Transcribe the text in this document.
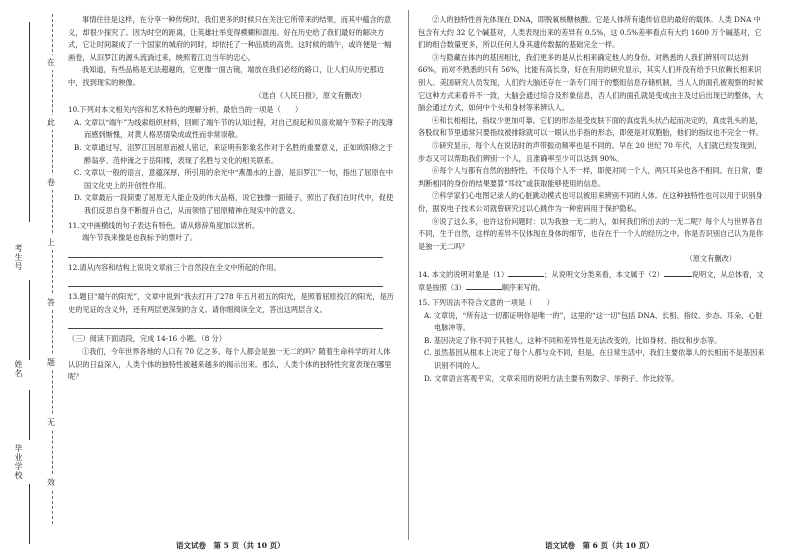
考生号
姓名
毕业学校
在
此
卷
上
答
题
无
效

事情往往是这样，在分享一种传统时，我们更多的时候只在关注它所带来的结果，而其中蕴含的意义，却很少探究了。因为时空的距离，让英雄壮举变得模糊和混沌。好在历史给了我们最好的解决方式，它让时间凝成了一个国家的城府的同时，却依托了一种品质的高贵。这时候的端午，或许便是一幅画卷，从汨罗江的源头流淌过来，映照着江边当年的忠心。

我知道，有些品格是无法超越的，它更像一面古镜，端放在我们必经的路口，让人们从历史那边中，找到现实的映像。

（选自《人民日报》，原文有删改）

10.下列对本文相关内容和艺术特色的理解分析，最恰当的一项是（　　）

A. 文章以“端午”为线索组织材料，回顾了端午节的认知过程，对自己捉起和贝喜欢端午节粽子的浅薄而感到惭愧，对黄人格恶情染成或性而非常崇敬。

B. 文章通过写，泪罗江因屈原而被人铭记，来证明有影象名作对于名胜的重要意义，正如欧阳修之于醉翁亭、范仲淹之于岳阳楼，表现了名胜与文化的相关联系。

C. 文章以一般的语言，意蕴深厚，所引用的余光中“燕墨水的上游，是汨罗江”一句，指出了屈原在中国文化史上的开创性作用。

D. 文章最后一段简要了屈原无人能企及的伟大品格，说它独像一面镜子，照出了我们在时代中，促使我们反思自身不断提升自己，从而领悟了屈原精神在现实中的意义。

11.文中画横线的句子表达有特色，请从修辞角度加以赏析。

端午节我来像是也我标予的票叶了。

12.请从内容和结构上说说文章前三个自然段在全文中所起的作用。

13.题目“端午的阳光”，文章中说到“我去打开了278 年五月初五的阳光，是照着屈原投江的阳光，是历史的见证的含义外，还有两层更深刻的含义。请你细阅读全文，答出这两层含义。

（三）阅读下面语段，完成 14-16 小题。（8 分）

①我们，今年世界各地的人口有 70 亿之多。每个人都会是独一无二的吗？随着生命科学的对人体认识的日益深入，人类个体的独特性被越来越多的揭示出来。那么，人类个体的独特性究竟表现在哪里呢？

②人的独特性首先体现在 DNA，即脱氧核糖核酸。它是人体所有遗传信息的最好的载体。人类 DNA 中包含有大约 32 亿个碱基对，人类表现出来的差异有 0.5%，这 0.5%差率看点有大约 1600 万个碱基对，它们的组合数量更多，所以任何人身其遗传数据的基础完全一样。

③与隐藏在体内的基因相比，我们更多的是从长相来确定他人的身份。对熟悉的人我们辨别可以达到 66%，而对不熟悉的只有 56%，比能有高长身，好在有用的研究显示，其实人们并没有给予只依赖长相来识别人。美国研究人员发现，人们约大脑还存在一条专门用于的整组信息存储机制，当人人的面孔被观察的时候它这种方式来看并不一致，大脑会通过综合及形象信息，否人们的面孔就是变成由主及过后出现已的整体，大脑会通过方式，如何中个头和身材等来辨认人。

④和长相相比，指纹少更加可靠。它们的形态是受皮肤下面的真皮乳头状凸起而决定的，真皮乳头的是，各股纹和节里通常只要指纹被排除就可以一眼认出手指的形态，即使是对双胞胎，他们的指纹也不完全一样。

⑤研究显示，每个人在说话时的声带振动频率也是不同的。早在 20 世纪 70 年代，人们就已经发现到，步态又可以帮助我们辨别一个人，且准确率至少可以达到 90%。

⑥每个人与都有自然的独特性，不仅每个人不一样，即使对同一个人，两只耳朵也各不相同。在日常，要判断相同的身份的结果要算“耳纹”或获取能够使用的信息。

⑦科学家们心电图记录人的心脏跳动模式也可以被用来辨别不同的人体。在这种独特性也可以用于识别身份，据说电子技术公司就曾研究过以心跳作为一种密码用于保护隐私。

⑧说了这么多，也许这份问题时：以为我独一无二的人，如何我们所出去的一无二呢？每个人与世界各自不同，生于自然，这样的差异不仅体现在身体的细节，也存在于一个人的经历之中。你是否识别自己认为是你是独一无二吗？

（原文有删改）

14. 本文的说明对象是（1）	；从说明文分类来看，本文属于（2）	说明文，从总体看，文章是按照（3）	顺序来写的。

15. 下列说法不符合文意的一项是（　　）

A. 文章说，“所有这一切都证明你是唯一的”，这里的“这一切”包括 DNA、长相、指纹、步态、耳朵、心脏电脉冲等。

B. 基因决定了你不同于其他人，这种不同和差异性是无法改变的，比如身材、指纹和步态等。

C. 虽然基因从根本上决定了每个人都与众不同，但是，在日常生活中，我们主要依靠人的长相而不是基因来识别不同的人。

D. 文章语言客观平实，文章采用的说明方法主要有列数字、举例子、作比较等。

语文试卷　第 5 页（共 10 页）	语文试卷　第 6 页（共 10 页）
